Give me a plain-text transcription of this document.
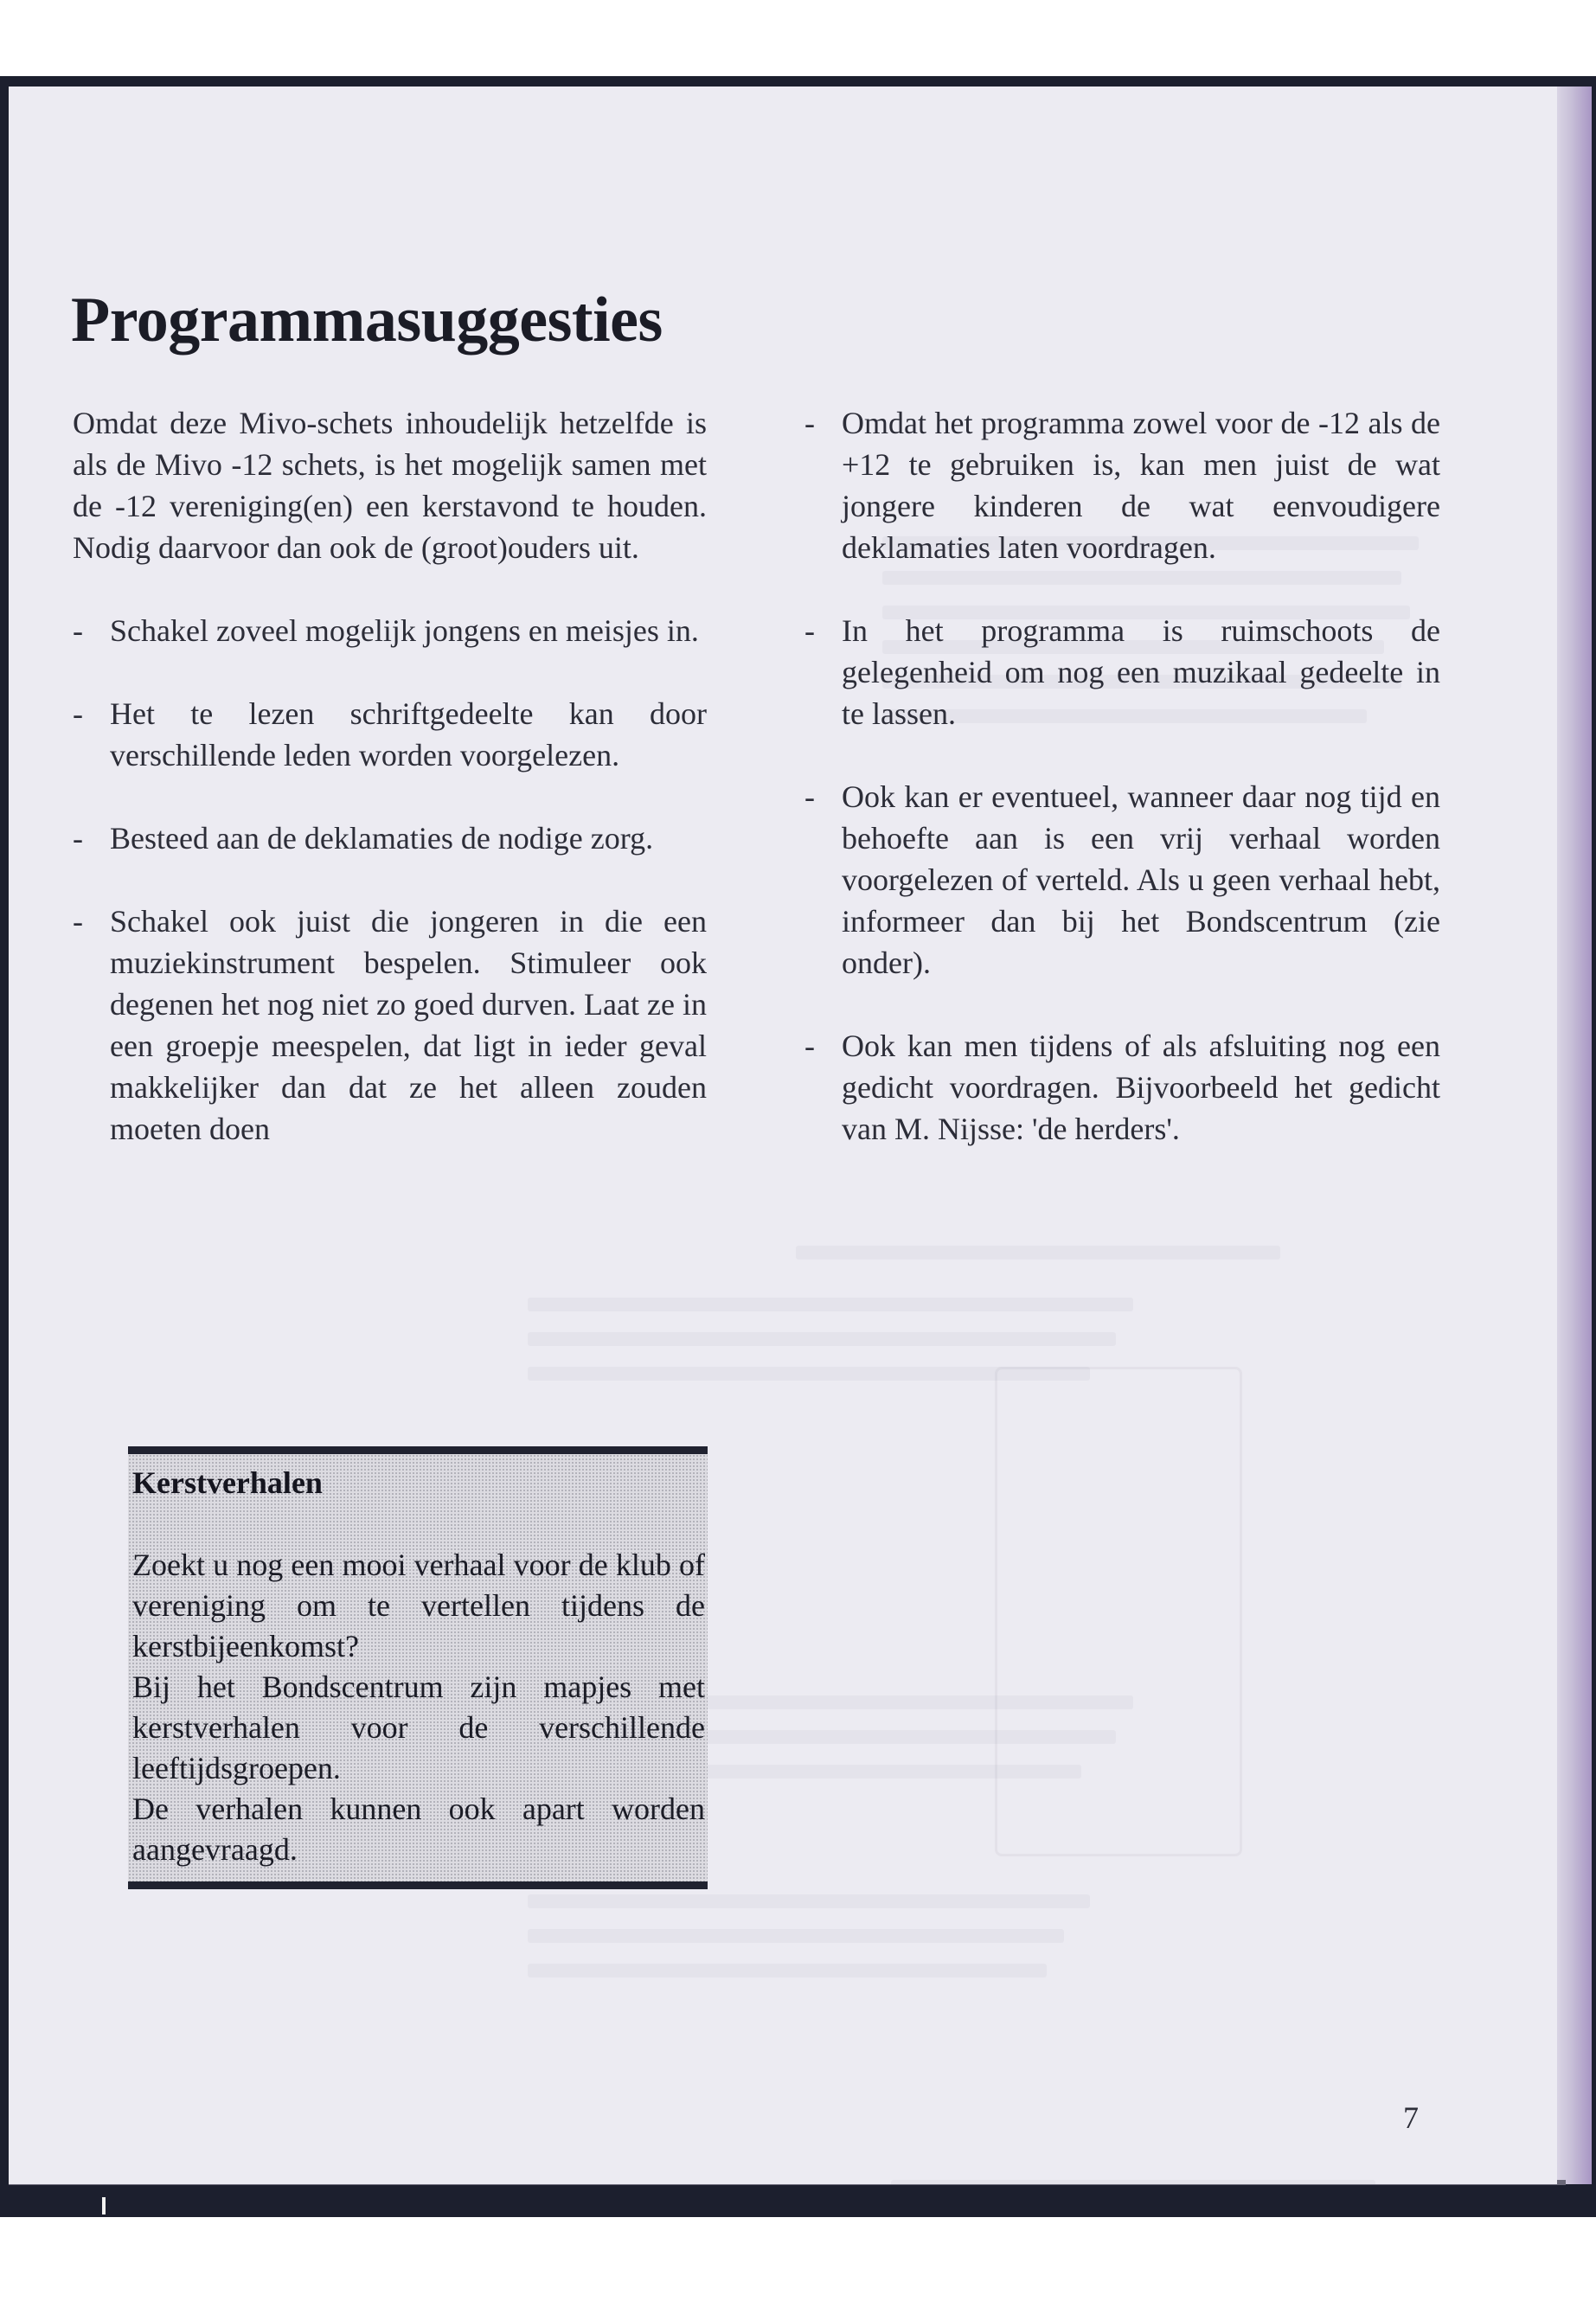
Programmasuggesties

Omdat deze Mivo-schets inhoudelijk hetzelfde is als de Mivo -12 schets, is het mogelijk samen met de -12 vereniging(en) een kerstavond te houden. Nodig daarvoor dan ook de (groot)ouders uit.

- Schakel zoveel mogelijk jongens en meisjes in.
- Het te lezen schriftgedeelte kan door verschillende leden worden voorgelezen.
- Besteed aan de deklamaties de nodige zorg.
- Schakel ook juist die jongeren in die een muziekinstrument bespelen. Stimuleer ook degenen het nog niet zo goed durven. Laat ze in een groepje meespelen, dat ligt in ieder geval makkelijker dan dat ze het alleen zouden moeten doen
- Omdat het programma zowel voor de -12 als de +12 te gebruiken is, kan men juist de wat jongere kinderen de wat eenvoudigere deklamaties laten voordragen.
- In het programma is ruimschoots de gelegenheid om nog een muzikaal gedeelte in te lassen.
- Ook kan er eventueel, wanneer daar nog tijd en behoefte aan is een vrij verhaal worden voorgelezen of verteld. Als u geen verhaal hebt, informeer dan bij het Bondscentrum (zie onder).
- Ook kan men tijdens of als afsluiting nog een gedicht voordragen. Bijvoorbeeld het gedicht van M. Nijsse: 'de herders'.
Kerstverhalen

Zoekt u nog een mooi verhaal voor de klub of vereniging om te vertellen tijdens de kerstbijeenkomst?

Bij het Bondscentrum zijn mapjes met kerstverhalen voor de verschillende leeftijdsgroepen.

De verhalen kunnen ook apart worden aangevraagd.

7
